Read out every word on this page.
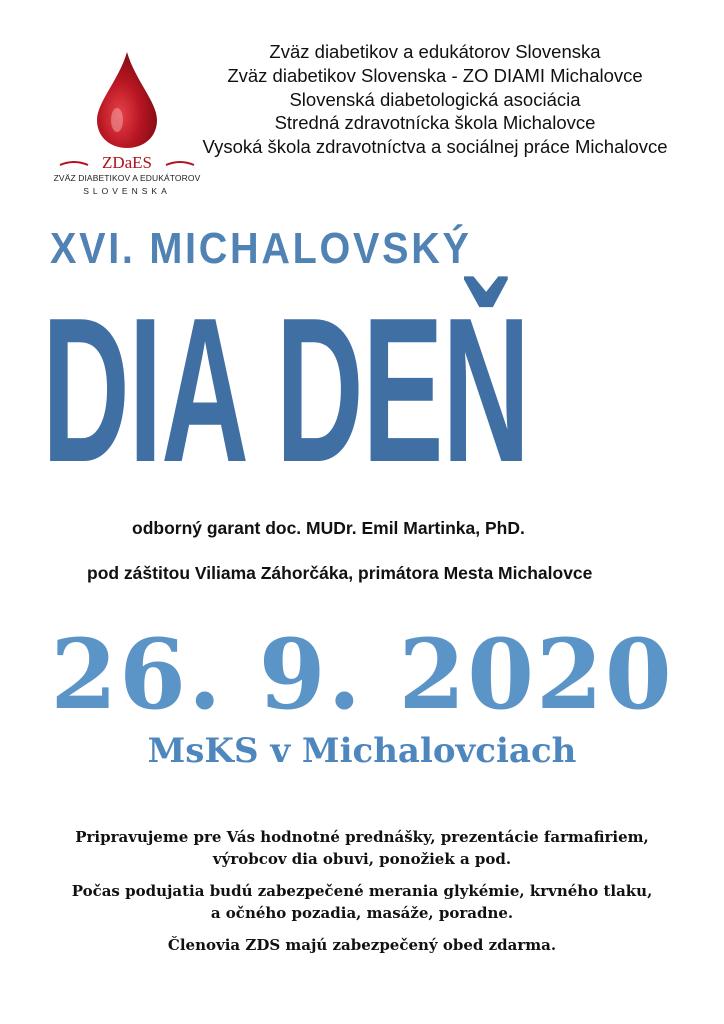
ZDaES
ZVÄZ DIABETIKOV A EDUKÁTOROV
SLOVENSKA
Zväz diabetikov a edukátorov Slovenska
Zväz diabetikov Slovenska - ZO DIAMI Michalovce
Slovenská diabetologická asociácia
Stredná zdravotnícka škola Michalovce
Vysoká škola zdravotníctva a sociálnej práce Michalovce
XVI. MICHALOVSKÝ
DIA DEŇ
odborný garant doc. MUDr. Emil Martinka, PhD.
pod záštitou Viliama Záhorčáka, primátora Mesta Michalovce
26. 9. 2020
MsKS v Michalovciach

Pripravujeme pre Vás hodnotné prednášky, prezentácie farmafiriem,
výrobcov dia obuvi, ponožiek a pod.

Počas podujatia budú zabezpečené merania glykémie, krvného tlaku,
a očného pozadia, masáže, poradne.

Členovia ZDS majú zabezpečený obed zdarma.
